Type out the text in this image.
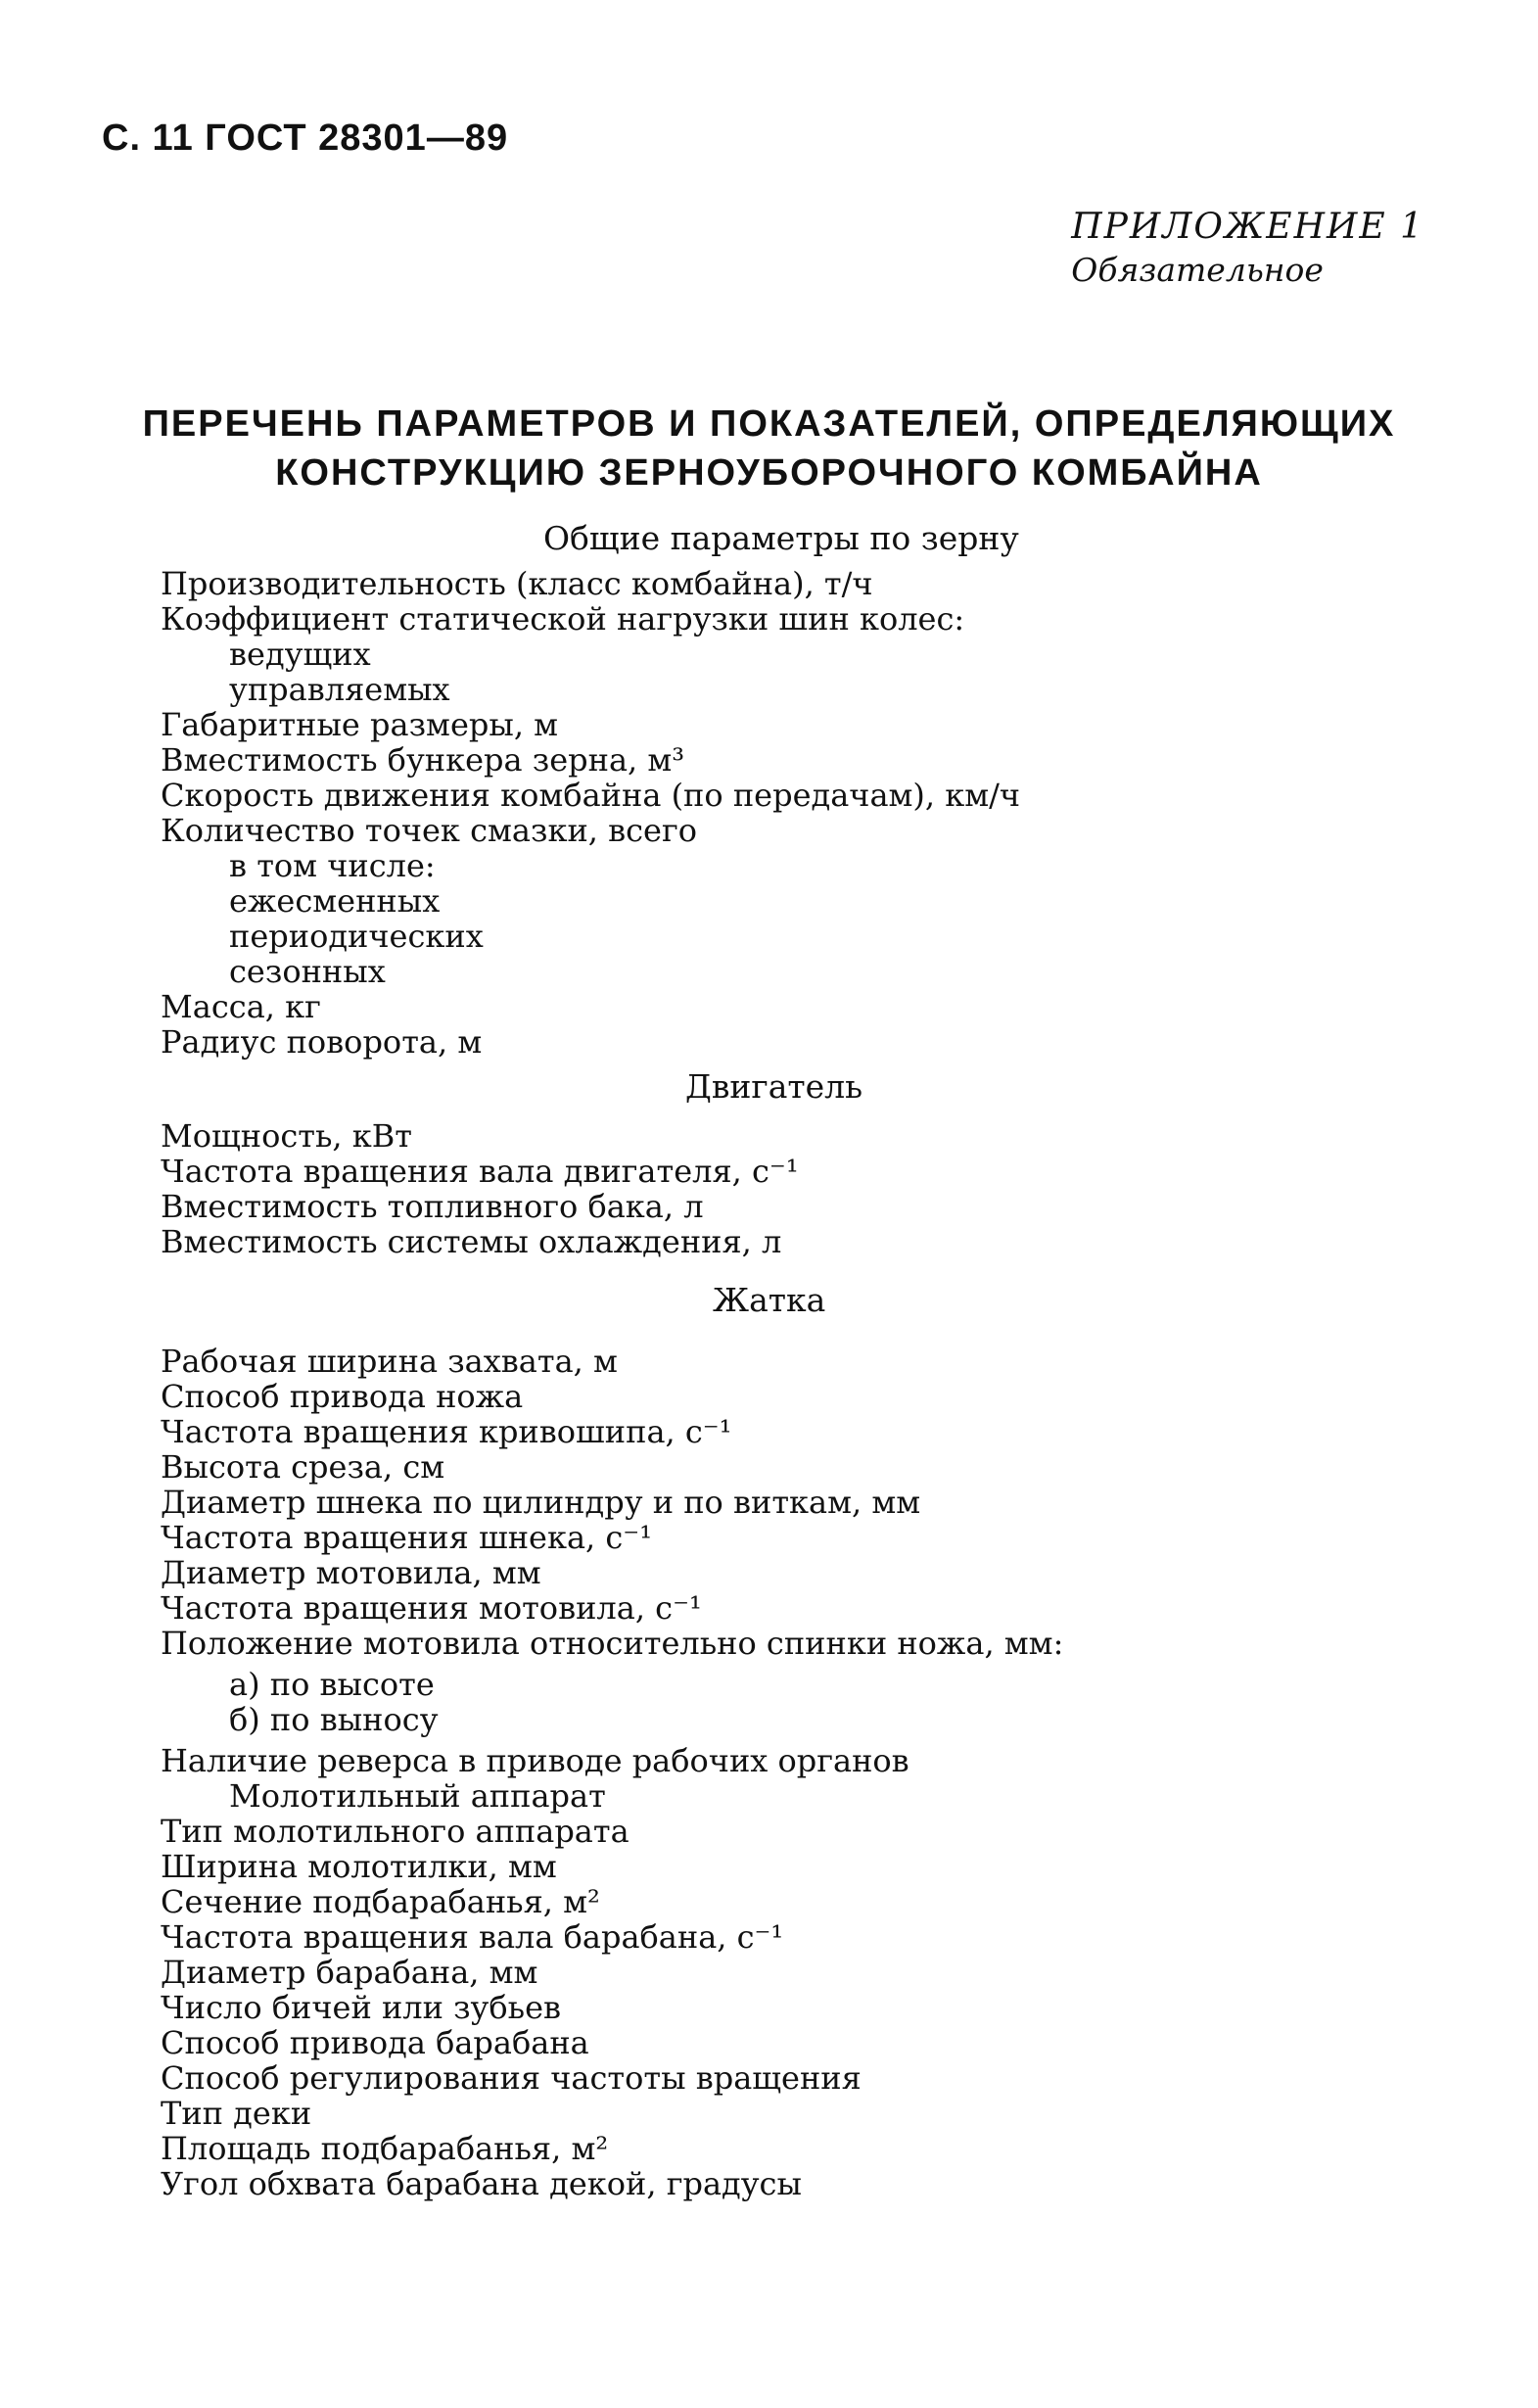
С. 11 ГОСТ 28301—89
ПРИЛОЖЕНИЕ 1
Обязательное
ПЕРЕЧЕНЬ ПАРАМЕТРОВ И ПОКАЗАТЕЛЕЙ, ОПРЕДЕЛЯЮЩИХ
КОНСТРУКЦИЮ ЗЕРНОУБОРОЧНОГО КОМБАЙНА
Общие параметры по зерну
Производительность (класс комбайна), т/ч
Коэффициент статической нагрузки шин колес:
ведущих
управляемых
Габаритные размеры, м
Вместимость бункера зерна, м³
Скорость движения комбайна (по передачам), км/ч
Количество точек смазки, всего
в том числе:
ежесменных
периодических
сезонных
Масса, кг
Радиус поворота, м
Двигатель
Мощность, кВт
Частота вращения вала двигателя, с⁻¹
Вместимость топливного бака, л
Вместимость системы охлаждения, л
Жатка
Рабочая ширина захвата, м
Способ привода ножа
Частота вращения кривошипа, с⁻¹
Высота среза, см
Диаметр шнека по цилиндру и по виткам, мм
Частота вращения шнека, с⁻¹
Диаметр мотовила, мм
Частота вращения мотовила, с⁻¹
Положение мотовила относительно спинки ножа, мм:
а) по высоте
б) по выносу
Наличие реверса в приводе рабочих органов
Молотильный аппарат
Тип молотильного аппарата
Ширина молотилки, мм
Сечение подбарабанья, м²
Частота вращения вала барабана, с⁻¹
Диаметр барабана, мм
Число бичей или зубьев
Способ привода барабана
Способ регулирования частоты вращения
Тип деки
Площадь подбарабанья, м²
Угол обхвата барабана декой, градусы
